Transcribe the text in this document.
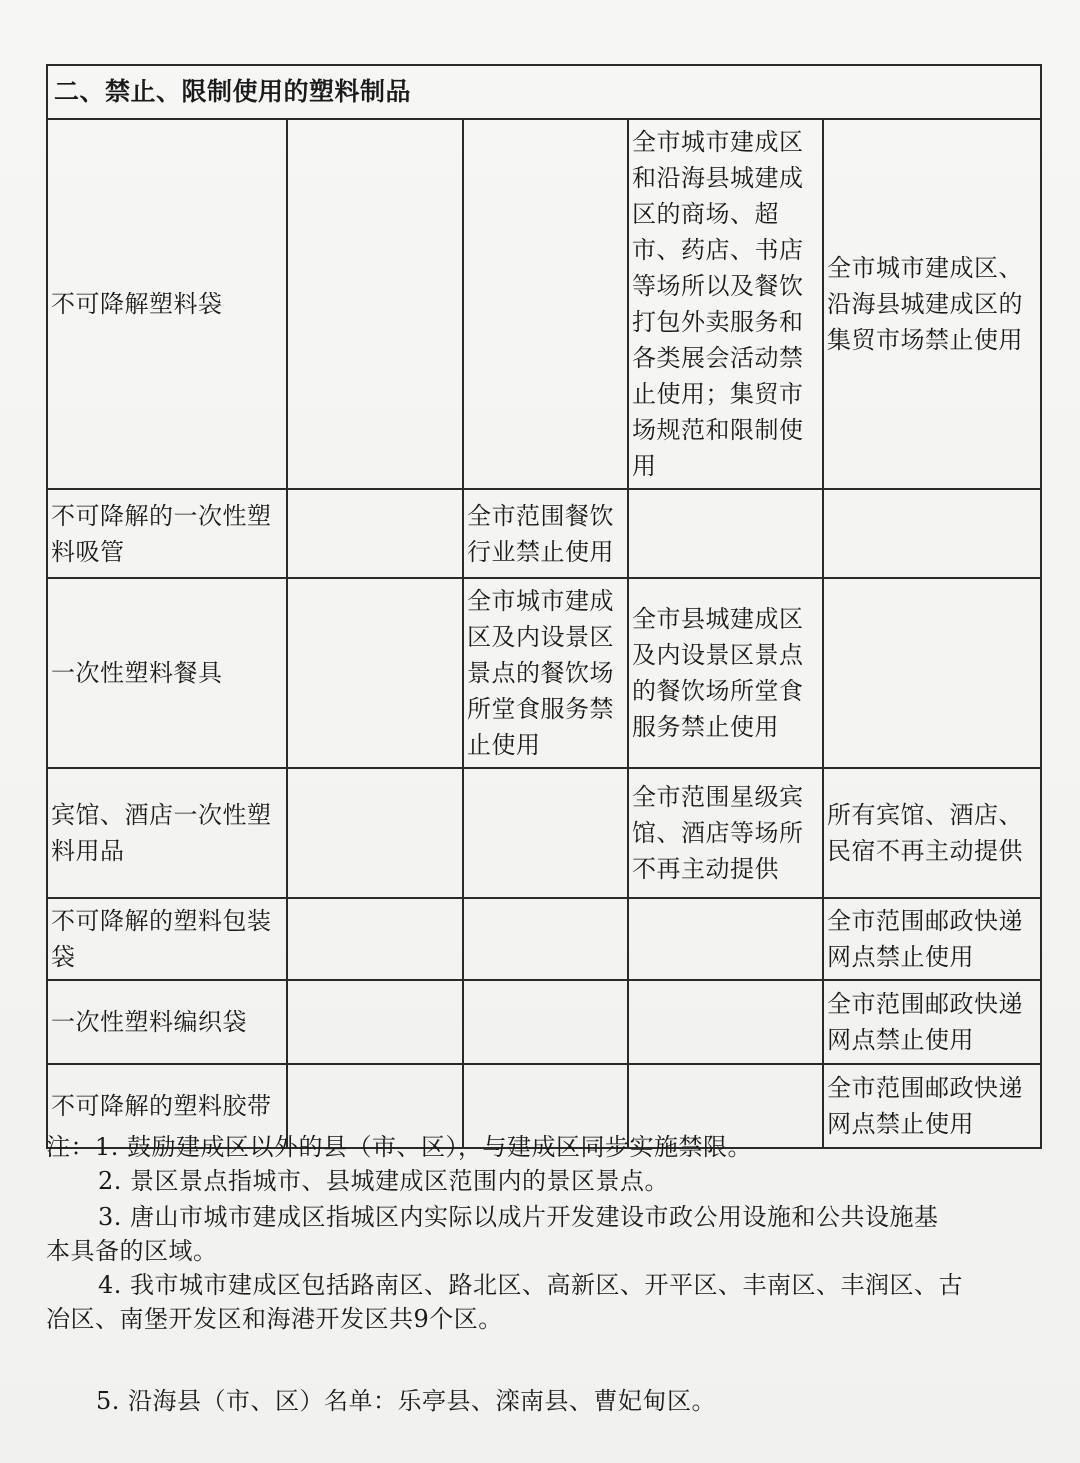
二、禁止、限制使用的塑料制品				
不可降解塑料袋			全市城市建成区和沿海县城建成区的商场、超市、药店、书店等场所以及餐饮打包外卖服务和各类展会活动禁止使用；集贸市场规范和限制使用	全市城市建成区、沿海县城建成区的集贸市场禁止使用
不可降解的一次性塑料吸管		全市范围餐饮行业禁止使用		
一次性塑料餐具		全市城市建成区及内设景区景点的餐饮场所堂食服务禁止使用	全市县城建成区及内设景区景点的餐饮场所堂食服务禁止使用	
宾馆、酒店一次性塑料用品			全市范围星级宾馆、酒店等场所不再主动提供	所有宾馆、酒店、民宿不再主动提供
不可降解的塑料包装袋				全市范围邮政快递网点禁止使用
一次性塑料编织袋				全市范围邮政快递网点禁止使用
不可降解的塑料胶带				全市范围邮政快递网点禁止使用

注：1. 鼓励建成区以外的县（市、区），与建成区同步实施禁限。

2. 景区景点指城市、县城建成区范围内的景区景点。

3. 唐山市城市建成区指城区内实际以成片开发建设市政公用设施和公共设施基

本具备的区域。

4. 我市城市建成区包括路南区、路北区、高新区、开平区、丰南区、丰润区、古

冶区、南堡开发区和海港开发区共9个区。

5. 沿海县（市、区）名单：乐亭县、滦南县、曹妃甸区。
